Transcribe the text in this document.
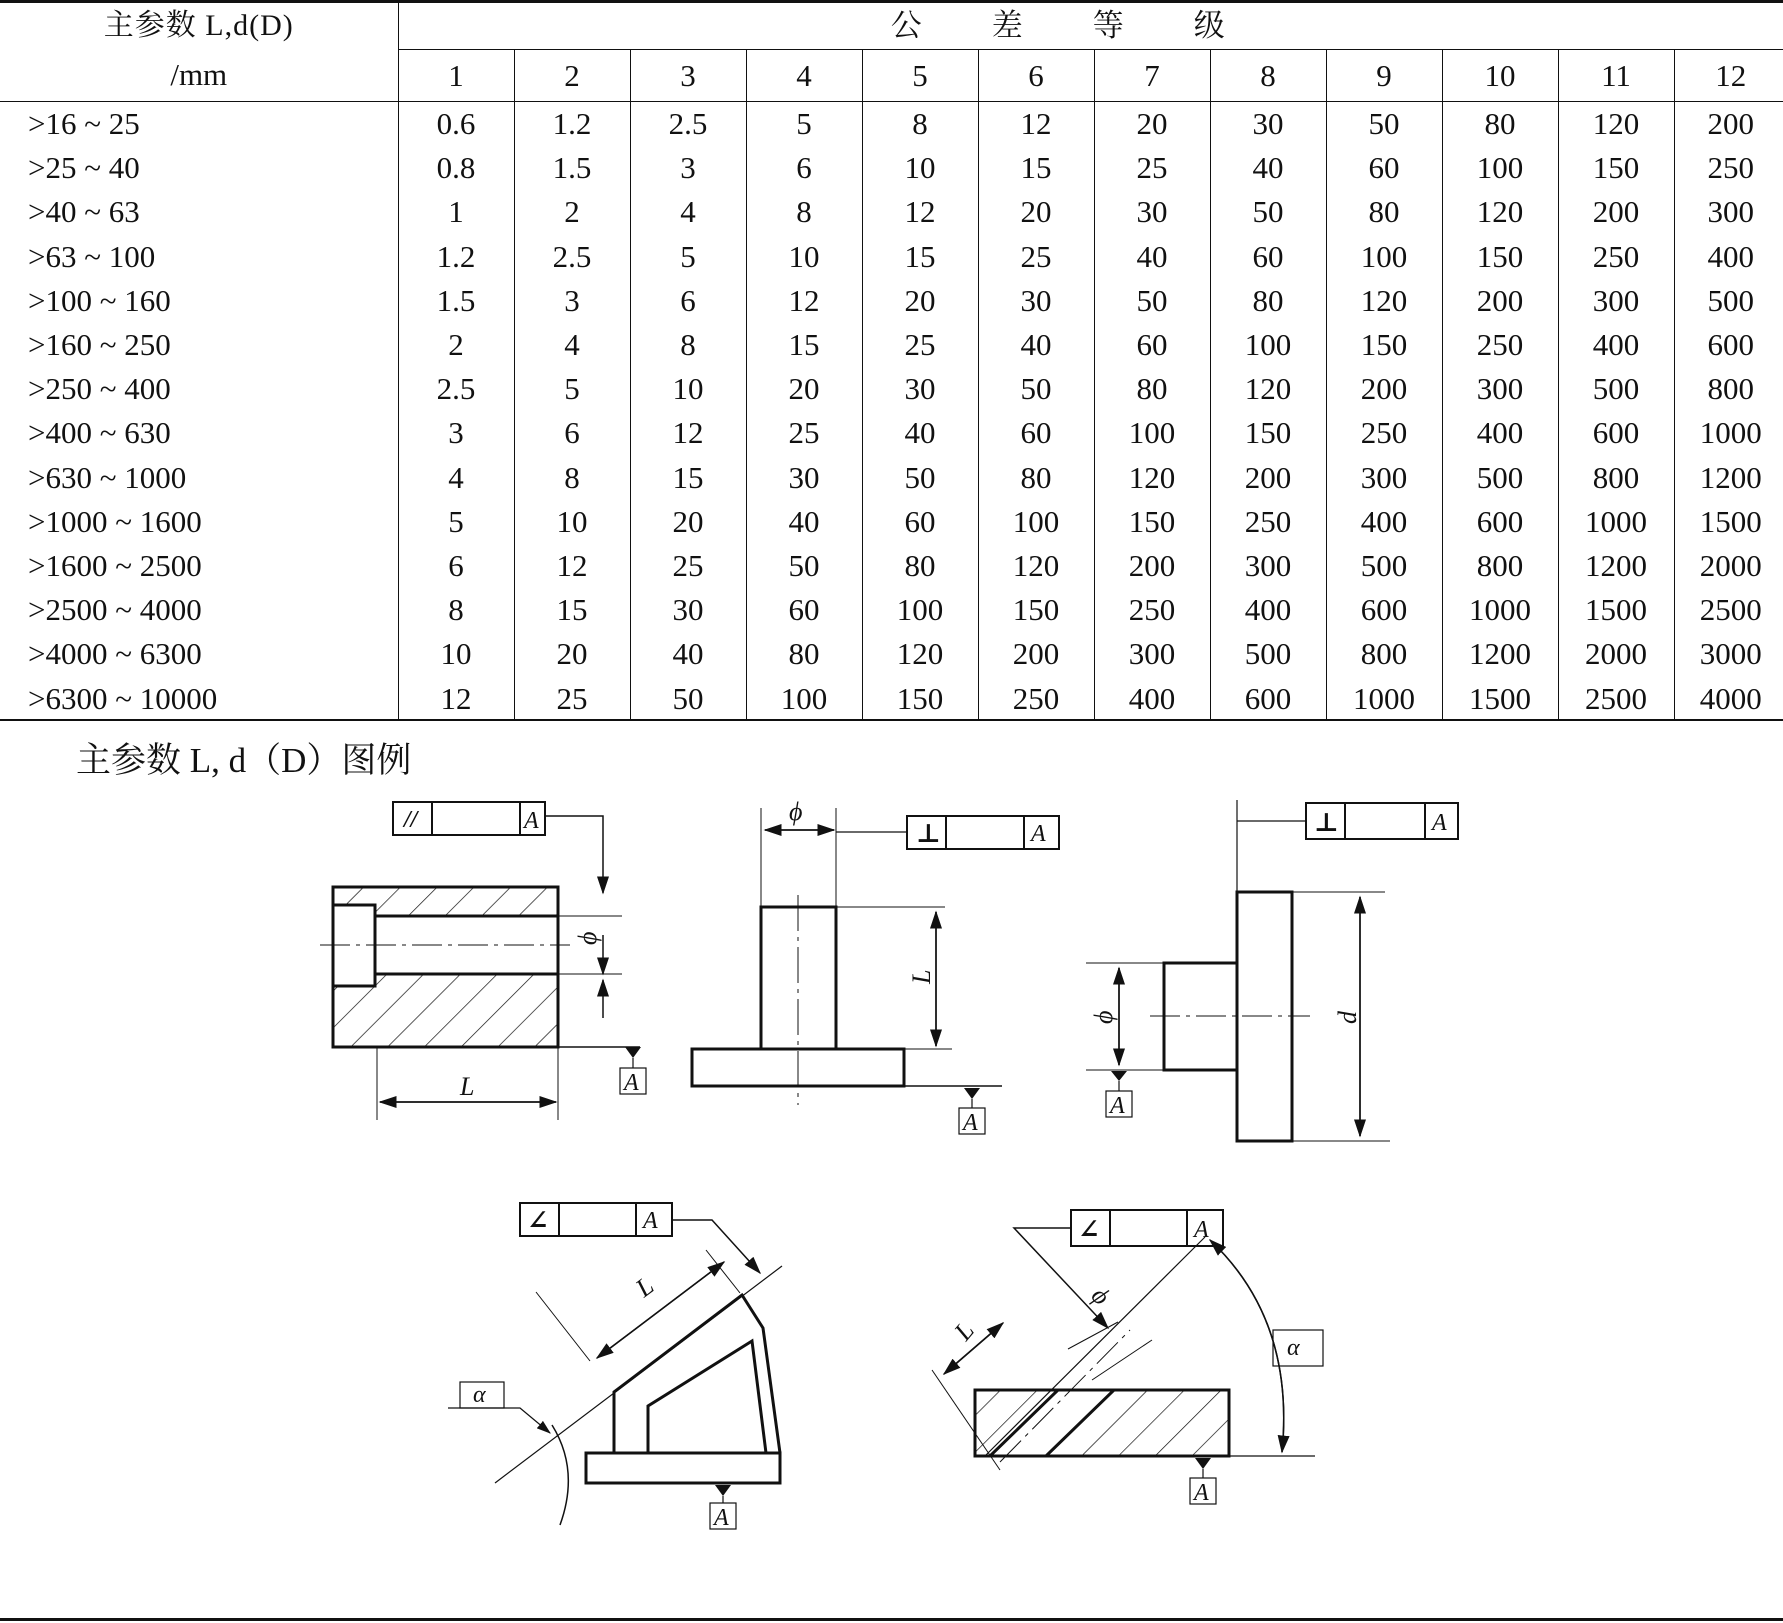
主参数 L,d(D)	公差等级											
/mm	1	2	3	4	5	6	7	8	9	10	11	12
>16 ~ 25	0.6	1.2	2.5	5	8	12	20	30	50	80	120	200
>25 ~ 40	0.8	1.5	3	6	10	15	25	40	60	100	150	250
>40 ~ 63	1	2	4	8	12	20	30	50	80	120	200	300
>63 ~ 100	1.2	2.5	5	10	15	25	40	60	100	150	250	400
>100 ~ 160	1.5	3	6	12	20	30	50	80	120	200	300	500
>160 ~ 250	2	4	8	15	25	40	60	100	150	250	400	600
>250 ~ 400	2.5	5	10	20	30	50	80	120	200	300	500	800
>400 ~ 630	3	6	12	25	40	60	100	150	250	400	600	1000
>630 ~ 1000	4	8	15	30	50	80	120	200	300	500	800	1200
>1000 ~ 1600	5	10	20	40	60	100	150	250	400	600	1000	1500
>1600 ~ 2500	6	12	25	50	80	120	200	300	500	800	1200	2000
>2500 ~ 4000	8	15	30	60	100	150	250	400	600	1000	1500	2500
>4000 ~ 6300	10	20	40	80	120	200	300	500	800	1200	2000	3000
>6300 ~ 10000	12	25	50	100	150	250	400	600	1000	1500	2500	4000
主参数 L, d（D）图例
//	A
ϕ
A
L
⊥	A
ϕ
L
A
⊥	A
d
ϕ
A
∠	A
L
α
A
∠	A
L
ϕ
α
A
